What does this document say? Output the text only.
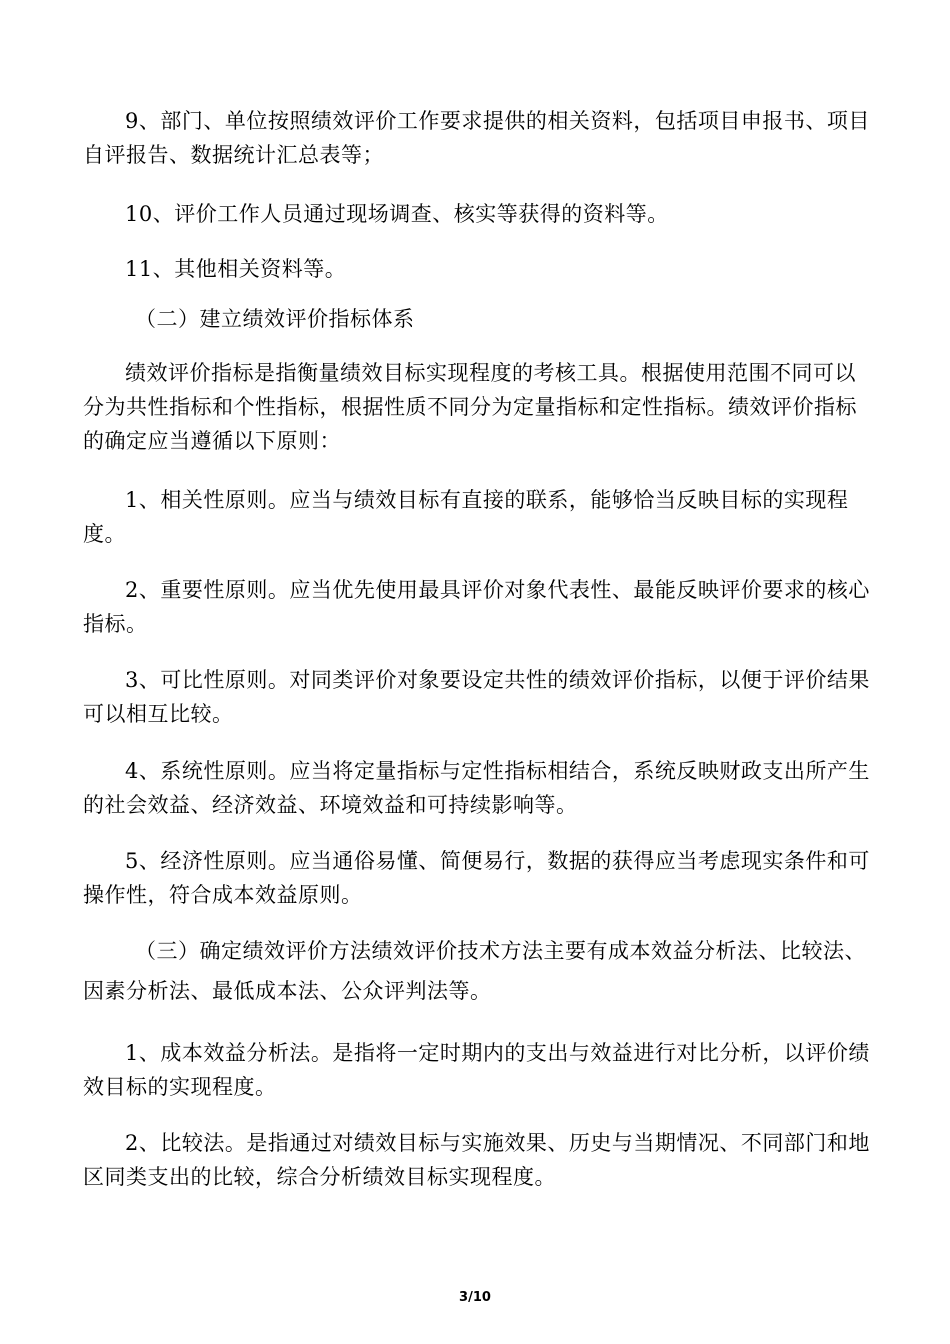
9、部门、单位按照绩效评价工作要求提供的相关资料，包括项目申报书、项目自评报告、数据统计汇总表等；

10、评价工作人员通过现场调查、核实等获得的资料等。

11、其他相关资料等。

（二）建立绩效评价指标体系

绩效评价指标是指衡量绩效目标实现程度的考核工具。根据使用范围不同可以分为共性指标和个性指标，根据性质不同分为定量指标和定性指标。绩效评价指标的确定应当遵循以下原则：

1、相关性原则。应当与绩效目标有直接的联系，能够恰当反映目标的实现程度。

2、重要性原则。应当优先使用最具评价对象代表性、最能反映评价要求的核心指标。

3、可比性原则。对同类评价对象要设定共性的绩效评价指标，以便于评价结果可以相互比较。

4、系统性原则。应当将定量指标与定性指标相结合，系统反映财政支出所产生的社会效益、经济效益、环境效益和可持续影响等。

5、经济性原则。应当通俗易懂、简便易行，数据的获得应当考虑现实条件和可操作性，符合成本效益原则。

（三）确定绩效评价方法绩效评价技术方法主要有成本效益分析法、比较法、因素分析法、最低成本法、公众评判法等。

1、成本效益分析法。是指将一定时期内的支出与效益进行对比分析，以评价绩效目标的实现程度。

2、比较法。是指通过对绩效目标与实施效果、历史与当期情况、不同部门和地区同类支出的比较，综合分析绩效目标实现程度。

3/10
